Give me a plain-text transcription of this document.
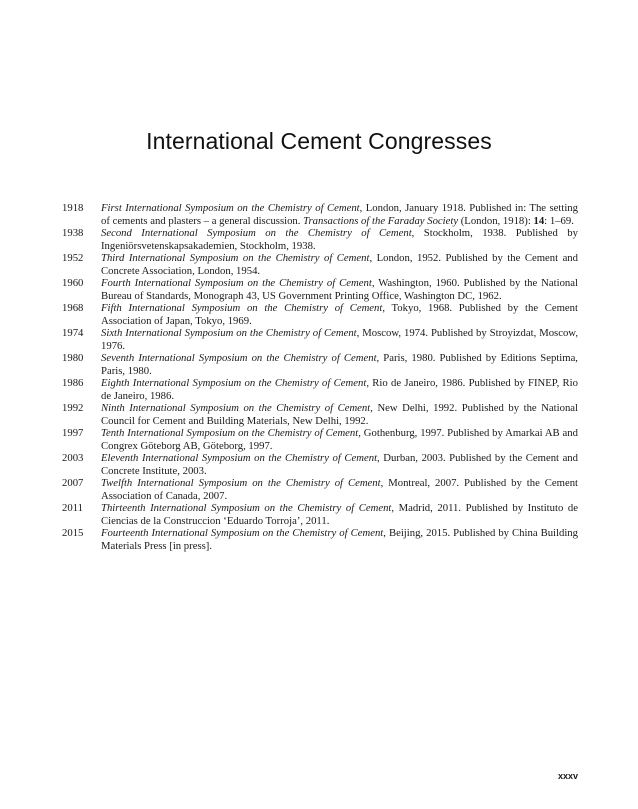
International Cement Congresses
1918	First International Symposium on the Chemistry of Cement, London, January 1918. Published in: The setting of cements and plasters – a general discussion. Transactions of the Faraday Society (London, 1918): 14: 1–69.
1938	Second International Symposium on the Chemistry of Cement, Stockholm, 1938. Published by Ingeniörsvetenskapsakademien, Stockholm, 1938.
1952	Third International Symposium on the Chemistry of Cement, London, 1952. Published by the Cement and Concrete Association, London, 1954.
1960	Fourth International Symposium on the Chemistry of Cement, Washington, 1960. Published by the National Bureau of Standards, Monograph 43, US Government Printing Office, Washington DC, 1962.
1968	Fifth International Symposium on the Chemistry of Cement, Tokyo, 1968. Published by the Cement Association of Japan, Tokyo, 1969.
1974	Sixth International Symposium on the Chemistry of Cement, Moscow, 1974. Published by Stroyizdat, Moscow, 1976.
1980	Seventh International Symposium on the Chemistry of Cement, Paris, 1980. Published by Editions Septima, Paris, 1980.
1986	Eighth International Symposium on the Chemistry of Cement, Rio de Janeiro, 1986. Published by FINEP, Rio de Janeiro, 1986.
1992	Ninth International Symposium on the Chemistry of Cement, New Delhi, 1992. Published by the National Council for Cement and Building Materials, New Delhi, 1992.
1997	Tenth International Symposium on the Chemistry of Cement, Gothenburg, 1997. Published by Amarkai AB and Congrex Göteborg AB, Göteborg, 1997.
2003	Eleventh International Symposium on the Chemistry of Cement, Durban, 2003. Published by the Cement and Concrete Institute, 2003.
2007	Twelfth International Symposium on the Chemistry of Cement, Montreal, 2007. Published by the Cement Association of Canada, 2007.
2011	Thirteenth International Symposium on the Chemistry of Cement, Madrid, 2011. Published by Instituto de Ciencias de la Construccion ‘Eduardo Torroja’, 2011.
2015	Fourteenth International Symposium on the Chemistry of Cement, Beijing, 2015. Published by China Building Materials Press [in press].
xxxv
